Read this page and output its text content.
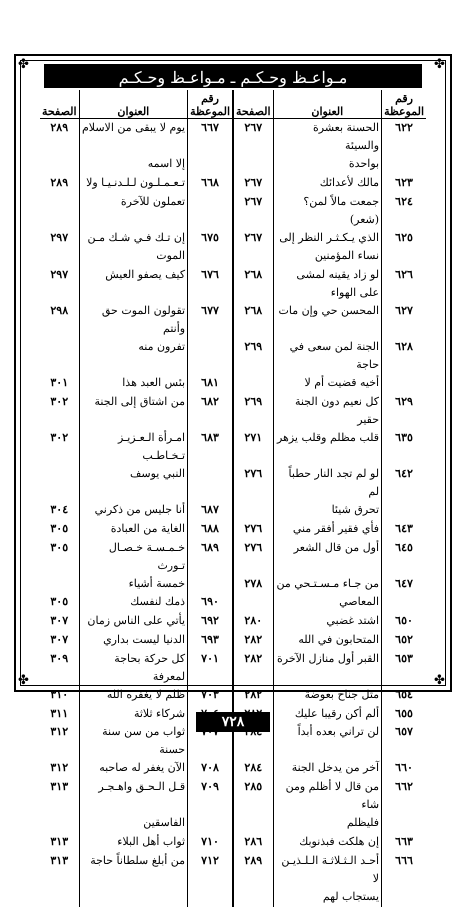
✤	✤
✤	✤
مـواعـظ وحـكـم ـ مـواعـظ وحـكـم
رقم الموعظة	العنوان	الصفحة	رقم الموعظة	العنوان	الصفحة
٦٢٢	الحسنة بعشرة والسيئة	٢٦٧	٦٦٧	يوم لا يبقى من الاسلام	٢٨٩
	بواحدة			إلا اسمه	
٦٢٣	مالك لأعدائك	٢٦٧	٦٦٨	تـعـمـلـون لـلـدنـيـا ولا	٢٨٩
٦٢٤	جمعت مالاً لمن؟ (شعر)	٢٦٧		تعملون للآخرة	
٦٢٥	الذي يـكـثـر النظر إلى	٢٦٧	٦٧٥	إن تـك فـي شـك مـن	٢٩٧
	نساء المؤمنين			الموت	
٦٢٦	لو زاد يقينه لمشى على الهواء	٢٦٨	٦٧٦	كيف يصفو العيش	٢٩٧
٦٢٧	المحسن حي وإن مات	٢٦٨	٦٧٧	تقولون الموت حق وأنتم	٢٩٨
٦٢٨	الجنة لمن سعى في حاجة	٢٦٩		تفرون منه	
	أخيه قضيت أم لا		٦٨١	بئس العبد هذا	٣٠١
٦٢٩	كل نعيم دون الجنة حقير	٢٦٩	٦٨٢	من اشتاق إلى الجنة	٣٠٢
٦٣٥	قلب مظلم وقلب يزهر	٢٧١	٦٨٣	امـرأة الـعـزيـز تـخـاطـب	٣٠٢
٦٤٢	لو لم تجد النار حطباً لم	٢٧٦		النبي يوسف	
	تحرق شيئا		٦٨٧	أنا جليس من ذكرني	٣٠٤
٦٤٣	فأي فقير أفقر مني	٢٧٦	٦٨٨	الغاية من العبادة	٣٠٥
٦٤٥	أول من قال الشعر	٢٧٦	٦٨٩	خـمـسـة خـصـال تـورث	٣٠٥
٦٤٧	من جـاء مـسـتـحي من	٢٧٨		خمسة أشياء	
	المعاصي		٦٩٠	ذمك لنفسك	٣٠٥
٦٥٠	اشتد غضبي	٢٨٠	٦٩٢	يأتي على الناس زمان	٣٠٧
٦٥٢	المتحابون في الله	٢٨٢	٦٩٣	الدنيا ليست بداري	٣٠٧
٦٥٣	القبر أول منازل الآخرة	٢٨٢	٧٠١	كل حركة بحاجة لمعرفة	٣٠٩
٦٥٤	مثل جناح بعوضة	٢٨٢	٧٠٣	ظلم لا يغفره الله	٣١٠
٦٥٥	ألم أكن رقيبا عليك			شركاء ثلاثة	٣١١
٦٥٧	لن تراني بعده أبداً			ثواب من سن سنة حسنة	٣١٢
٦٦٠	آخر من يدخل الجنة	٢٨٤	٧٠٨	الآن يغفر له صاحبه	٣١٢
٦٦٢	من قال لا أظلم ومن شاء	٢٨٥	٧٠٩	قـل الـحـق واهـجـر	٣١٣
	فليظلم			الفاسقين	
٦٦٣	إن هلكت فبذنوبك	٢٨٦	٧١٠	ثواب أهل البلاء	٣١٣
٦٦٦	أحـد الـثـلاثـة الـلـذيـن لا	٢٨٩	٧١٢	من أبلغ سلطاناً حاجة	٣١٣
	يستجاب لهم				
٧٢٨
